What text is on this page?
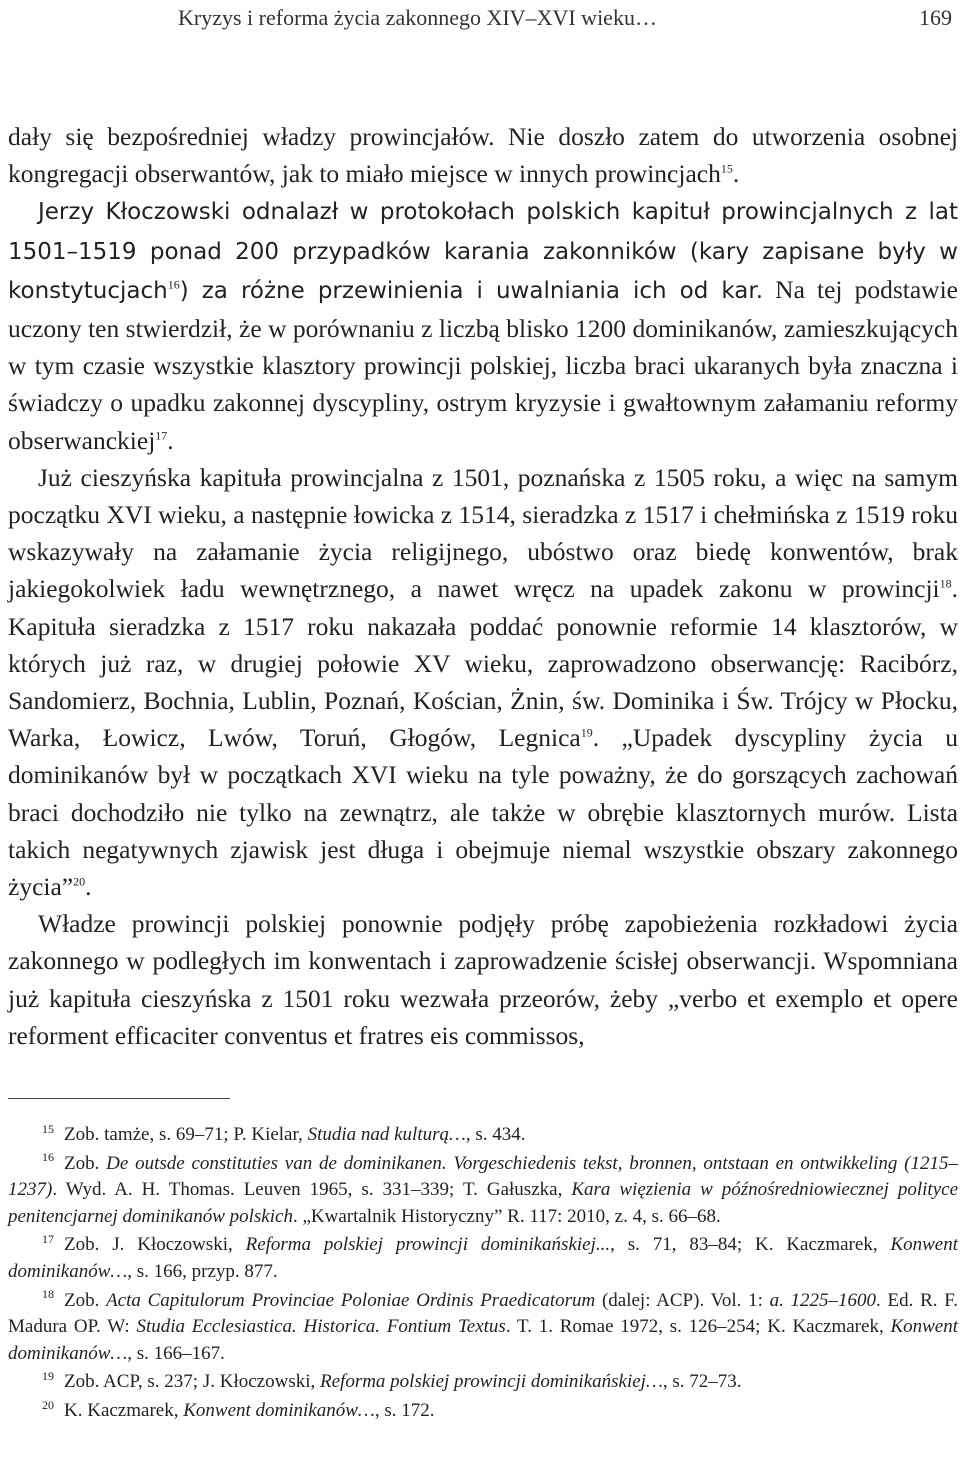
Kryzys i reforma życia zakonnego XIV–XVI wieku…	169

dały się bezpośredniej władzy prowincjałów. Nie doszło zatem do utworzenia osobnej kongregacji obserwantów, jak to miało miejsce w innych prowincjach$^{15}$.

Jerzy Kłoczowski odnalazł w protokołach polskich kapituł prowincjalnych z lat 1501–1519 ponad 200 przypadków karania zakonników (kary zapisane były w konstytucjach$^{16}$) za różne przewinienia i uwalniania ich od kar. Na tej podstawie uczony ten stwierdził, że w porównaniu z liczbą blisko 1200 dominikanów, zamieszkujących w tym czasie wszystkie klasztory prowincji polskiej, liczba braci ukaranych była znaczna i świadczy o upadku zakonnej dyscypliny, ostrym kryzysie i gwałtownym załamaniu reformy obserwanckiej$^{17}$.

Już cieszyńska kapituła prowincjalna z 1501, poznańska z 1505 roku, a więc na samym początku XVI wieku, a następnie łowicka z 1514, sieradzka z 1517 i chełmińska z 1519 roku wskazywały na załamanie życia religijnego, ubóstwo oraz biedę konwentów, brak jakiegokolwiek ładu wewnętrznego, a nawet wręcz na upadek zakonu w prowincji$^{18}$. Kapituła sieradzka z 1517 roku nakazała poddać ponownie reformie 14 klasztorów, w których już raz, w drugiej połowie XV wieku, zaprowadzono obserwancję: Racibórz, Sandomierz, Bochnia, Lublin, Poznań, Kościan, Żnin, św. Dominika i Św. Trójcy w Płocku, Warka, Łowicz, Lwów, Toruń, Głogów, Legnica$^{19}$. „Upadek dyscypliny życia u dominikanów był w początkach XVI wieku na tyle poważny, że do gorszących zachowań braci dochodziło nie tylko na zewnątrz, ale także w obrębie klasztornych murów. Lista takich negatywnych zjawisk jest długa i obejmuje niemal wszystkie obszary zakonnego życia”$^{20}$.

Władze prowincji polskiej ponownie podjęły próbę zapobieżenia rozkładowi życia zakonnego w podległych im konwentach i zaprowadzenie ścisłej obserwancji. Wspomniana już kapituła cieszyńska z 1501 roku wezwała przeorów, żeby „verbo et exemplo et opere reforment efficaciter conventus et fratres eis commissos,

$^{15}$ Zob. tamże, s. 69–71; P. Kielar, Studia nad kulturą…, s. 434.

$^{16}$ Zob. De outsde constituties van de dominikanen. Vorgeschiedenis tekst, bronnen, ontstaan en ontwikkeling (1215–1237). Wyd. A. H. Thomas. Leuven 1965, s. 331–339; T. Gałuszka, Kara więzienia w późnośredniowiecznej polityce penitencjarnej dominikanów polskich. „Kwartalnik Historyczny” R. 117: 2010, z. 4, s. 66–68.

$^{17}$ Zob. J. Kłoczowski, Reforma polskiej prowincji dominikańskiej..., s. 71, 83–84; K. Kaczmarek, Konwent dominikanów…, s. 166, przyp. 877.

$^{18}$ Zob. Acta Capitulorum Provinciae Poloniae Ordinis Praedicatorum (dalej: ACP). Vol. 1: a. 1225–1600. Ed. R. F. Madura OP. W: Studia Ecclesiastica. Historica. Fontium Textus. T. 1. Romae 1972, s. 126–254; K. Kaczmarek, Konwent dominikanów…, s. 166–167.

$^{19}$ Zob. ACP, s. 237; J. Kłoczowski, Reforma polskiej prowincji dominikańskiej…, s. 72–73.

$^{20}$ K. Kaczmarek, Konwent dominikanów…, s. 172.
